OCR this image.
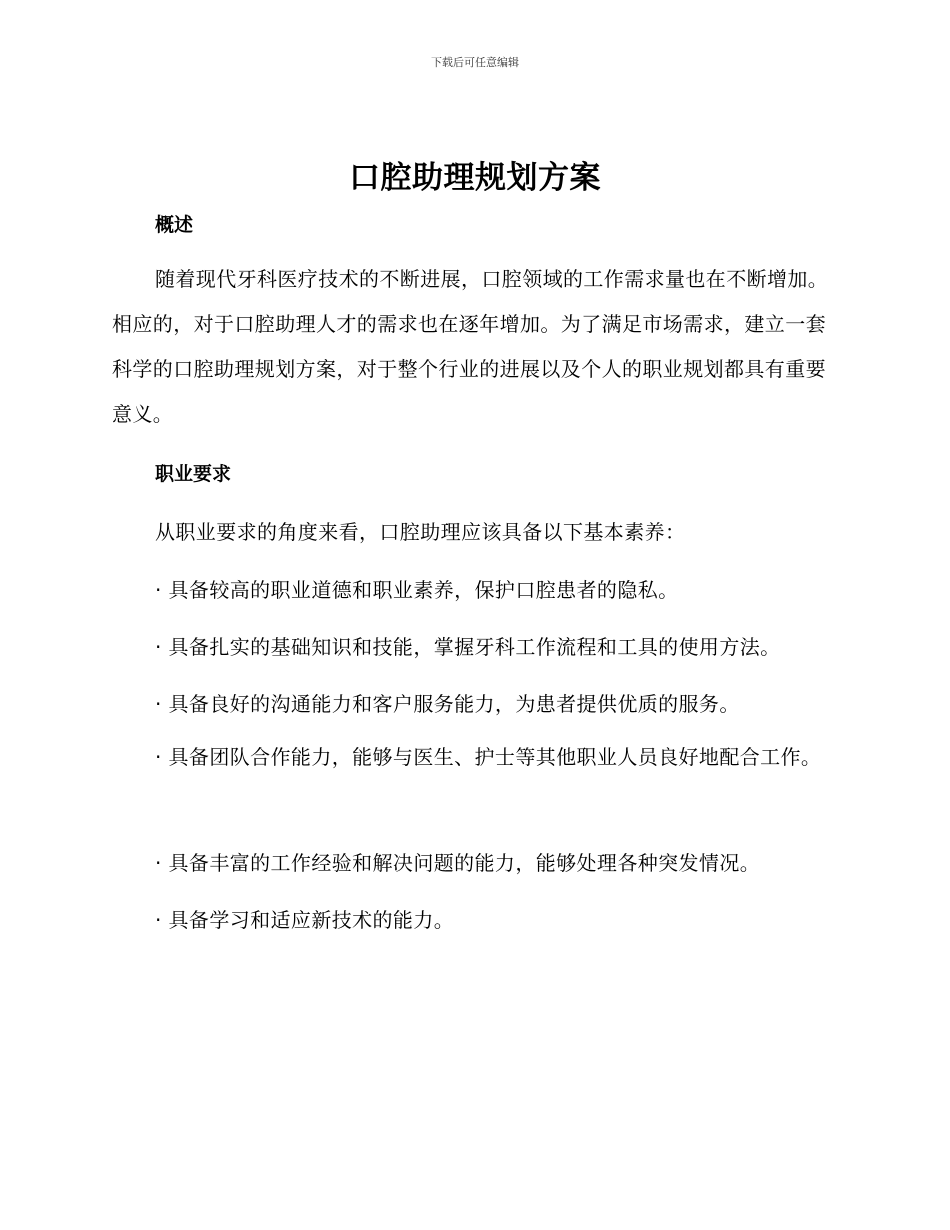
下载后可任意编辑
口腔助理规划方案
概述
随着现代牙科医疗技术的不断进展，口腔领域的工作需求量也在不断增加。相应的，对于口腔助理人才的需求也在逐年增加。为了满足市场需求，建立一套科学的口腔助理规划方案，对于整个行业的进展以及个人的职业规划都具有重要意义。
职业要求
从职业要求的角度来看，口腔助理应该具备以下基本素养：
· 具备较高的职业道德和职业素养，保护口腔患者的隐私。
· 具备扎实的基础知识和技能，掌握牙科工作流程和工具的使用方法。
· 具备良好的沟通能力和客户服务能力，为患者提供优质的服务。
· 具备团队合作能力，能够与医生、护士等其他职业人员良好地配合工作。
· 具备丰富的工作经验和解决问题的能力，能够处理各种突发情况。
· 具备学习和适应新技术的能力。
